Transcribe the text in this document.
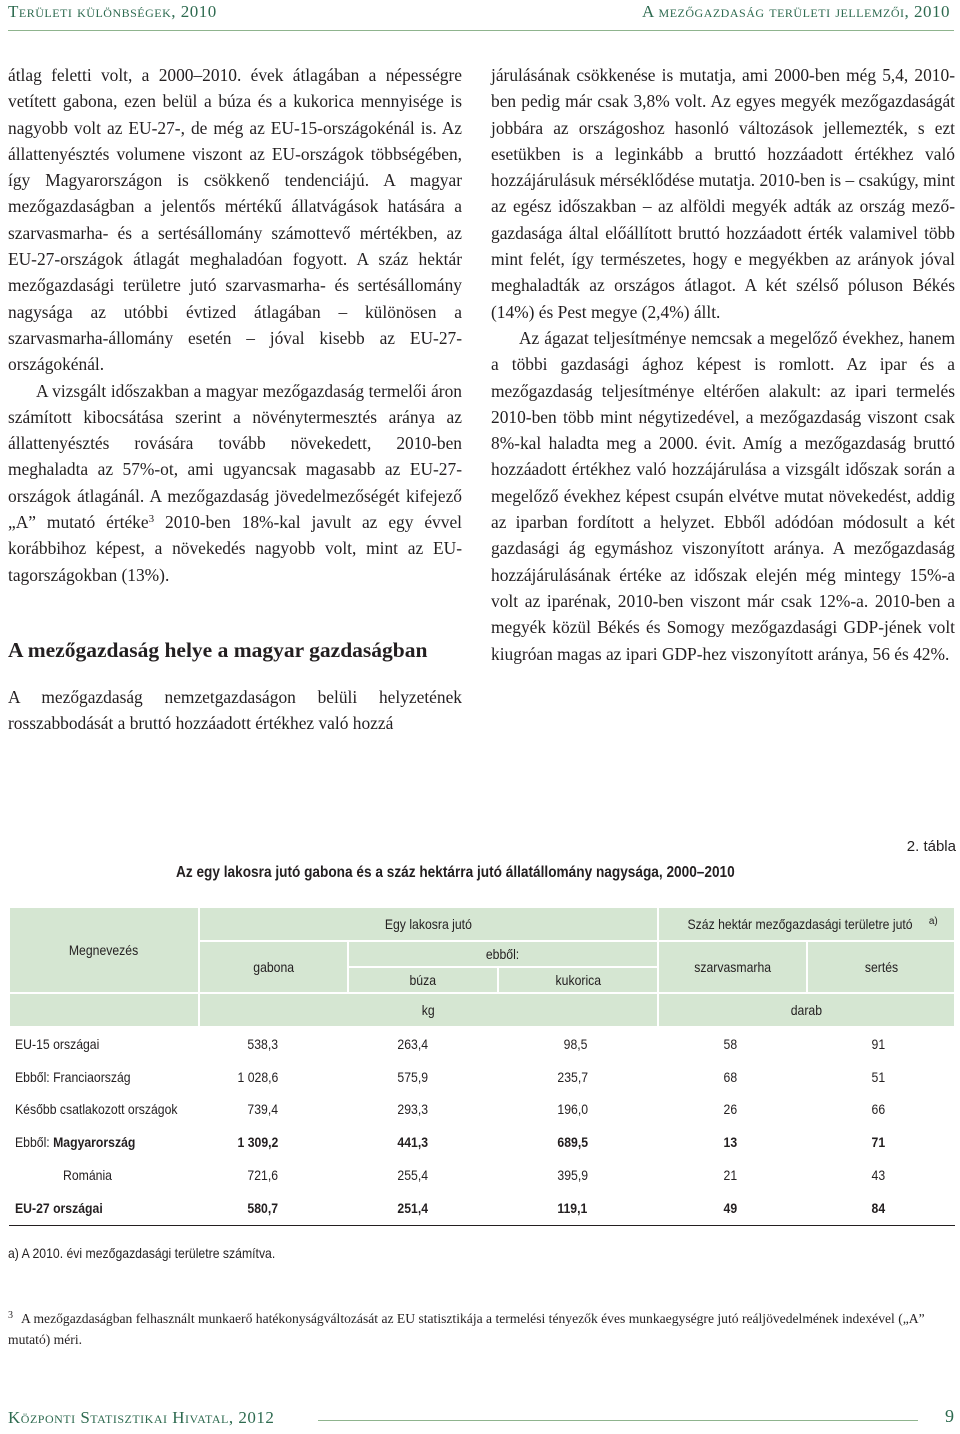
Területi különbségek, 2010	A mezőgazdaság területi jellemzői, 2010

átlag feletti volt, a 2000–2010. évek átlagában a népességre vetített gabona, ezen belül a búza és a kukorica mennyisége is nagyobb volt az EU-27-, de még az EU-15-országokénál is. Az állattenyésztés volumene viszont az EU-országok többségében, így Magyarországon is csökkenő tendenciájú. A magyar mezőgazdaságban a jelentős mértékű állatvágások hatására a szarvasmarha- és a sertésállomány számottevő mértékben, az EU-27-országok átlagát meghaladóan fogyott. A száz hektár mezőgazdasági területre jutó szarvasmarha- és sertésállomány nagysága az utóbbi évtized átlagában – különösen a szarvasmarha-állomány esetén – jóval kisebb az EU-27-országokénál.

A vizsgált időszakban a magyar mezőgazdaság termelői áron számított kibocsátása szerint a növénytermesztés aránya az állattenyésztés rovására tovább növekedett, 2010-ben meghaladta az 57%-ot, ami ugyancsak magasabb az EU-27-országok átlagánál. A mezőgazdaság jövedelmezőségét kifejező „A” mutató értéke$^3$ 2010-ben 18%-kal javult az egy évvel korábbihoz képest, a növekedés nagyobb volt, mint az EU-tagországokban (13%).

A mezőgazdaság helye a magyar gazdaságban

A mezőgazdaság nemzetgazdaságon belüli helyzetének rosszabbodását a bruttó hozzáadott értékhez való hozzá

járulásának csökkenése is mutatja, ami 2000-ben még 5,4, 2010-ben pedig már csak 3,8% volt. Az egyes megyék mezőgazdaságát jobbára az országoshoz hasonló változások jellemezték, s ezt esetükben is a leginkább a bruttó hozzáadott értékhez való hozzájárulásuk mérséklődése mutatja. 2010-ben is – csakúgy, mint az egész időszakban – az alföldi megyék adták az ország mezőgazdasága által előállított bruttó hozzáadott érték valamivel több mint felét, így természetes, hogy e megyékben az arányok jóval meghaladták az országos átlagot. A két szélső póluson Békés (14%) és Pest megye (2,4%) állt.

Az ágazat teljesítménye nemcsak a megelőző évekhez, hanem a többi gazdasági ághoz képest is romlott. Az ipar és a mezőgazdaság teljesítménye eltérően alakult: az ipari termelés 2010-ben több mint négytizedével, a mezőgazdaság viszont csak 8%-kal haladta meg a 2000. évit. Amíg a mezőgazdaság bruttó hozzáadott értékhez való hozzájárulása a vizsgált időszak során a megelőző évekhez képest csupán elvétve mutat növekedést, addig az iparban fordított a helyzet. Ebből adódóan módosult a két gazdasági ág egymáshoz viszonyított aránya. A mezőgazdaság hozzájárulásának értéke az időszak elején még mintegy 15%-a volt az iparénak, 2010-ben viszont már csak 12%-a. 2010-ben a megyék közül Békés és Somogy mezőgazdasági GDP-jének volt kiugróan magas az ipari GDP-hez viszonyított aránya, 56 és 42%.

2. tábla
Az egy lakosra jutó gabona és a száz hektárra jutó állatállomány nagysága, 2000–2010
Megnevezés	Egy lakosra jutó			Száz hektár mezőgazdasági területre jutó $^{a)}$
	gabona	ebből:		szarvasmarha	sertés
		búza	kukorica		
	kg			darab	
EU-15 országai	538,3	263,4	98,5	58	91
Ebből: Franciaország	1 028,6	575,9	235,7	68	51
Később csatlakozott országok	739,4	293,3	196,0	26	66
Ebből: Magyarország	1 309,2	441,3	689,5	13	71
Románia	721,6	255,4	395,9	21	43
EU-27 országai	580,7	251,4	119,1	49	84
a) A 2010. évi mezőgazdasági területre számítva.
$^3$ A mezőgazdaságban felhasznált munkaerő hatékonyságváltozását az EU statisztikája a termelési tényezők éves munkaegységre jutó reáljövedelmének indexével („A” mutató) méri.
Központi Statisztikai Hivatal, 2012	9
